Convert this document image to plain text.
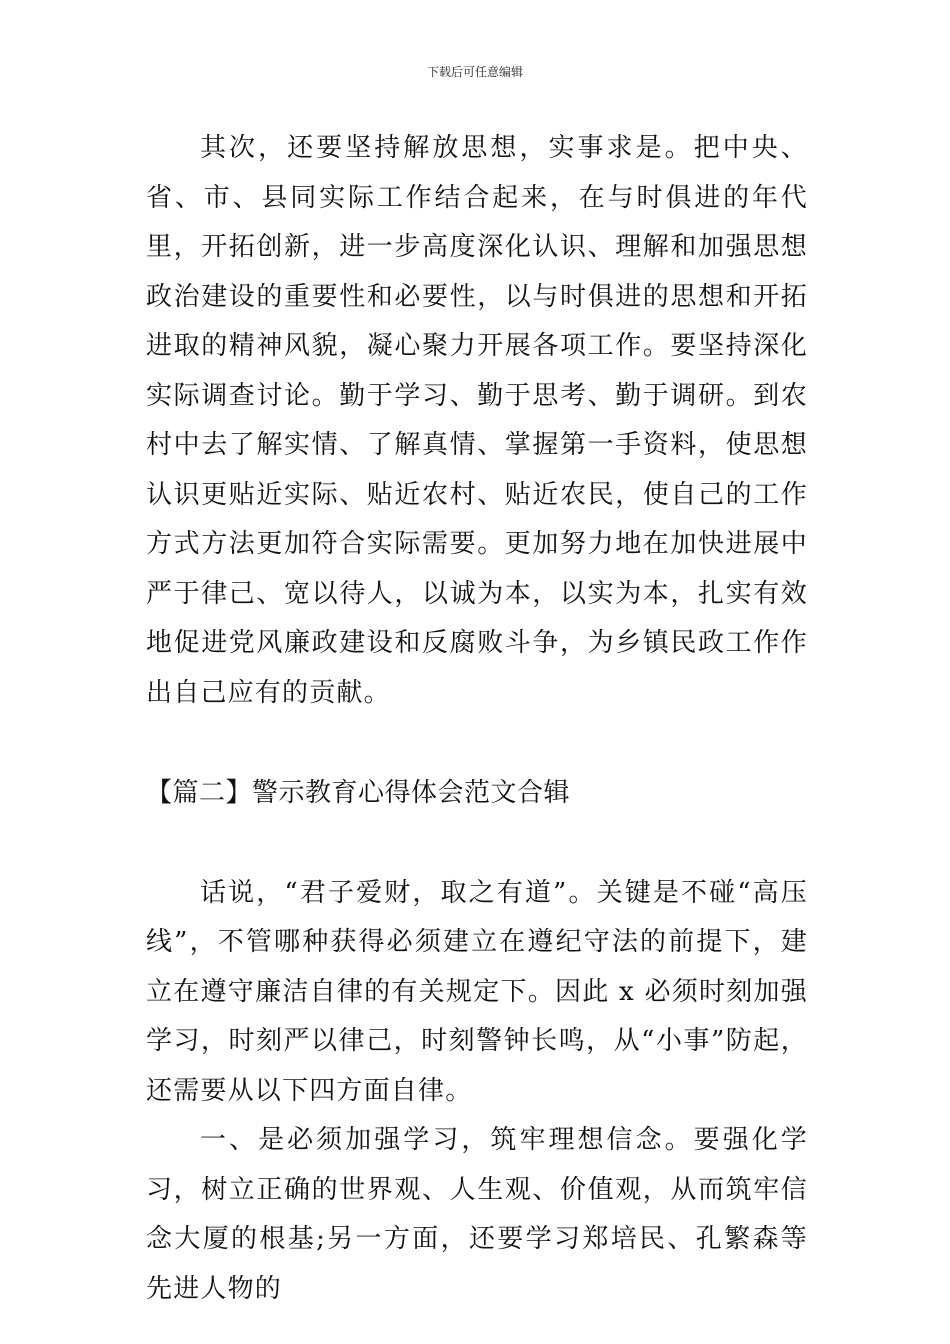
下载后可任意编辑

其次，还要坚持解放思想，实事求是。把中央、省、市、县同实际工作结合起来，在与时俱进的年代里，开拓创新，进一步高度深化认识、理解和加强思想政治建设的重要性和必要性，以与时俱进的思想和开拓进取的精神风貌，凝心聚力开展各项工作。要坚持深化实际调查讨论。勤于学习、勤于思考、勤于调研。到农村中去了解实情、了解真情、掌握第一手资料，使思想认识更贴近实际、贴近农村、贴近农民，使自己的工作方式方法更加符合实际需要。更加努力地在加快进展中严于律己、宽以待人，以诚为本，以实为本，扎实有效地促进党风廉政建设和反腐败斗争，为乡镇民政工作作出自己应有的贡献。

【篇二】警示教育心得体会范文合辑

话说，“君子爱财，取之有道”。关键是不碰“高压线”，不管哪种获得必须建立在遵纪守法的前提下，建立在遵守廉洁自律的有关规定下。因此 x 必须时刻加强学习，时刻严以律己，时刻警钟长鸣，从“小事”防起，还需要从以下四方面自律。

一、是必须加强学习，筑牢理想信念。要强化学习，树立正确的世界观、人生观、价值观，从而筑牢信念大厦的根基;另一方面，还要学习郑培民、孔繁森等先进人物的
